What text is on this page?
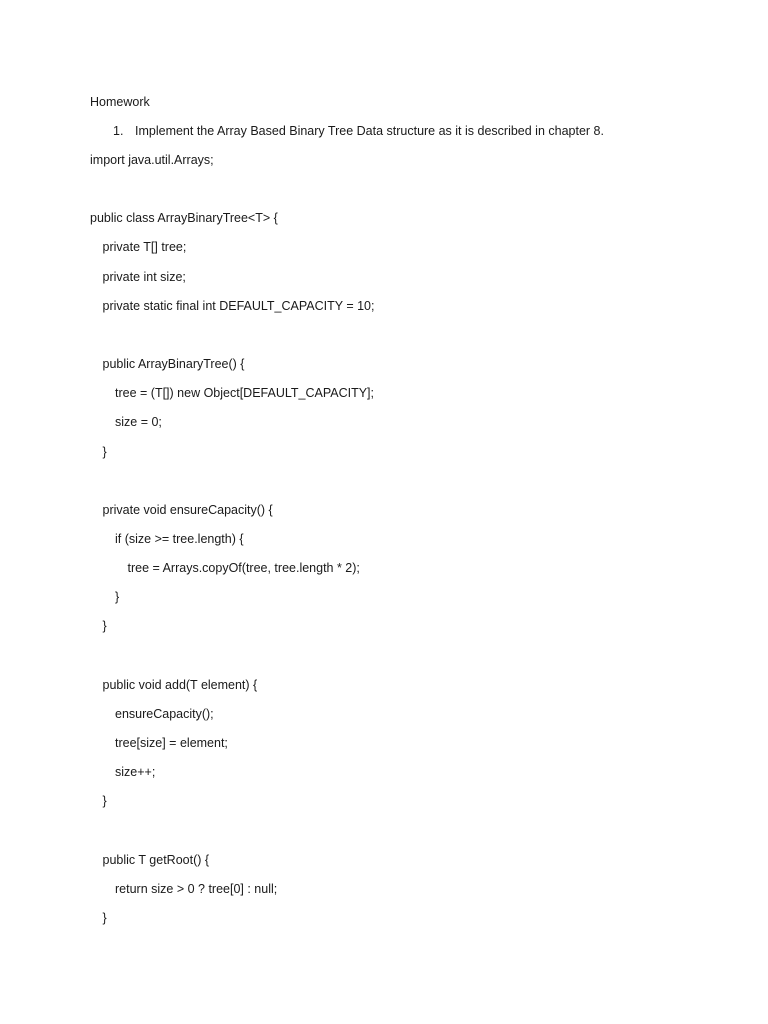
Homework
1. Implement the Array Based Binary Tree Data structure as it is described in chapter 8.
import java.util.Arrays;
public class ArrayBinaryTree<T> {
private T[] tree;
private int size;
private static final int DEFAULT_CAPACITY = 10;
public ArrayBinaryTree() {
tree = (T[]) new Object[DEFAULT_CAPACITY];
size = 0;
}
private void ensureCapacity() {
if (size >= tree.length) {
tree = Arrays.copyOf(tree, tree.length * 2);
}
}
public void add(T element) {
ensureCapacity();
tree[size] = element;
size++;
}
public T getRoot() {
return size > 0 ? tree[0] : null;
}
